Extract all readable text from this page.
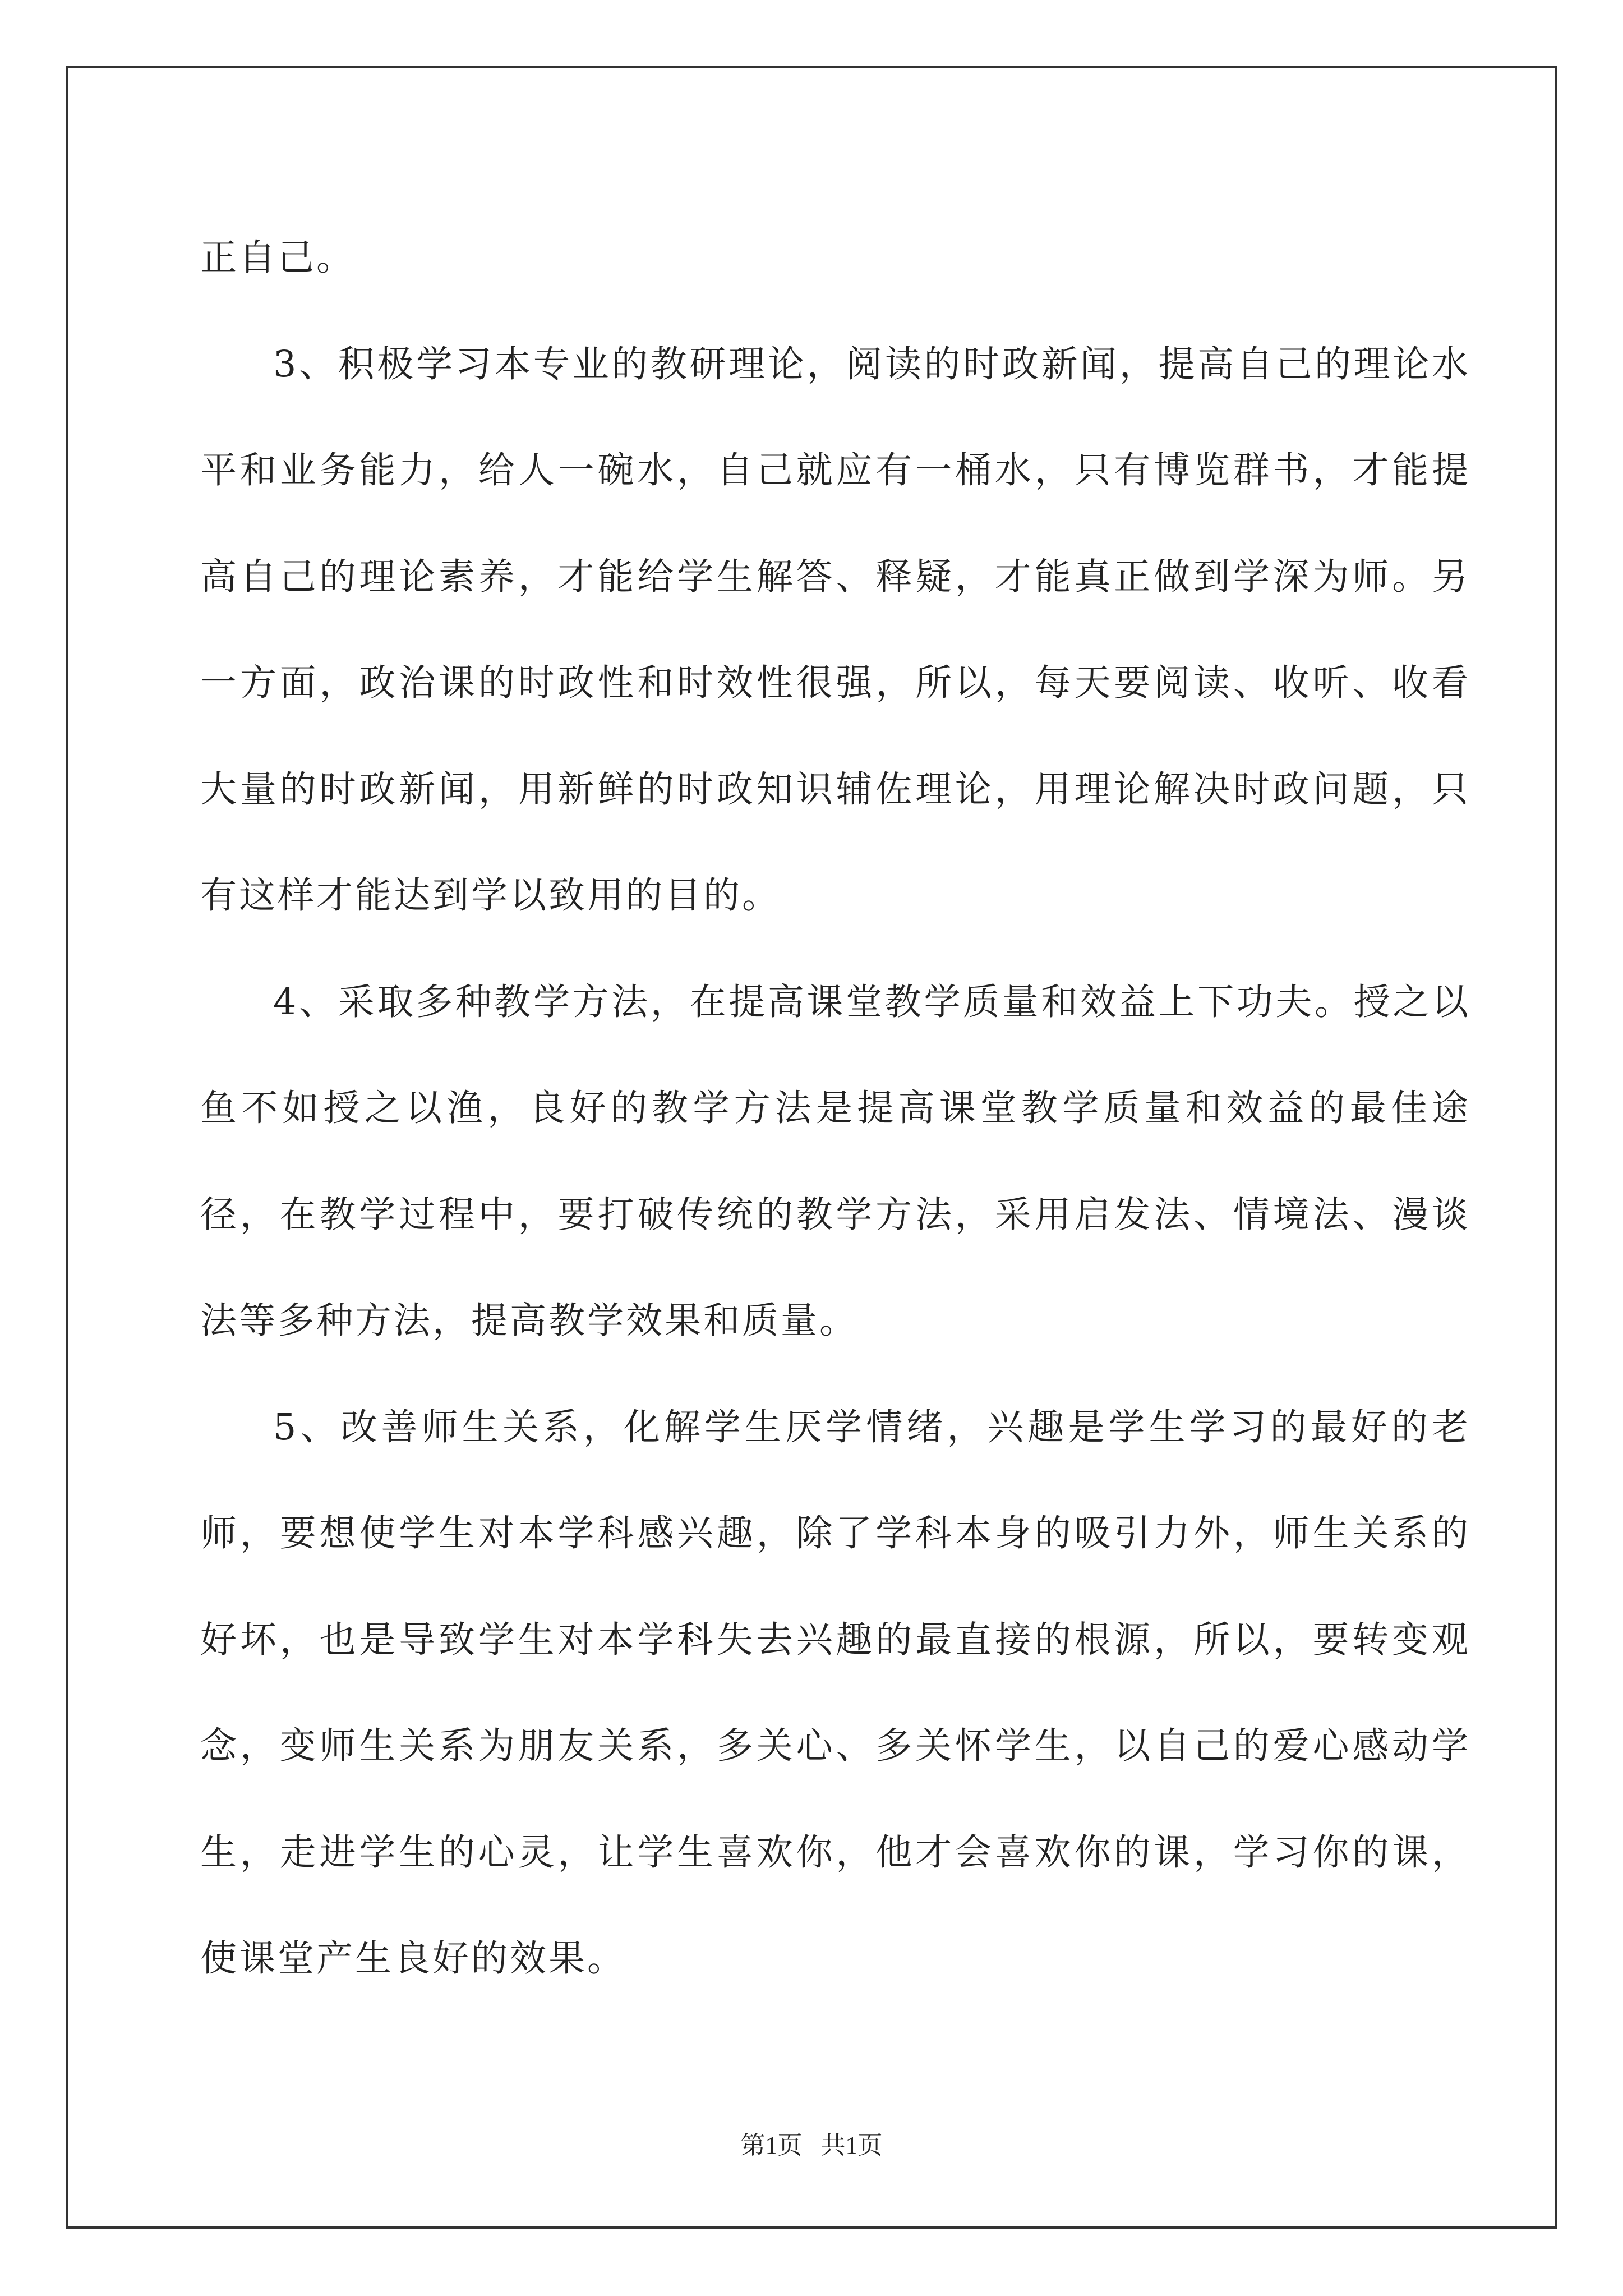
正自己。

3、积极学习本专业的教研理论，阅读的时政新闻，提高自己的理论水平和业务能力，给人一碗水，自己就应有一桶水，只有博览群书，才能提高自己的理论素养，才能给学生解答、释疑，才能真正做到学深为师。另一方面，政治课的时政性和时效性很强，所以，每天要阅读、收听、收看大量的时政新闻，用新鲜的时政知识辅佐理论，用理论解决时政问题，只有这样才能达到学以致用的目的。

4、采取多种教学方法，在提高课堂教学质量和效益上下功夫。授之以鱼不如授之以渔，良好的教学方法是提高课堂教学质量和效益的最佳途径，在教学过程中，要打破传统的教学方法，采用启发法、情境法、漫谈法等多种方法，提高教学效果和质量。

5、改善师生关系，化解学生厌学情绪，兴趣是学生学习的最好的老师，要想使学生对本学科感兴趣，除了学科本身的吸引力外，师生关系的好坏，也是导致学生对本学科失去兴趣的最直接的根源，所以，要转变观念，变师生关系为朋友关系，多关心、多关怀学生，以自己的爱心感动学生，走进学生的心灵，让学生喜欢你，他才会喜欢你的课，学习你的课，使课堂产生良好的效果。

第1页   共1页
